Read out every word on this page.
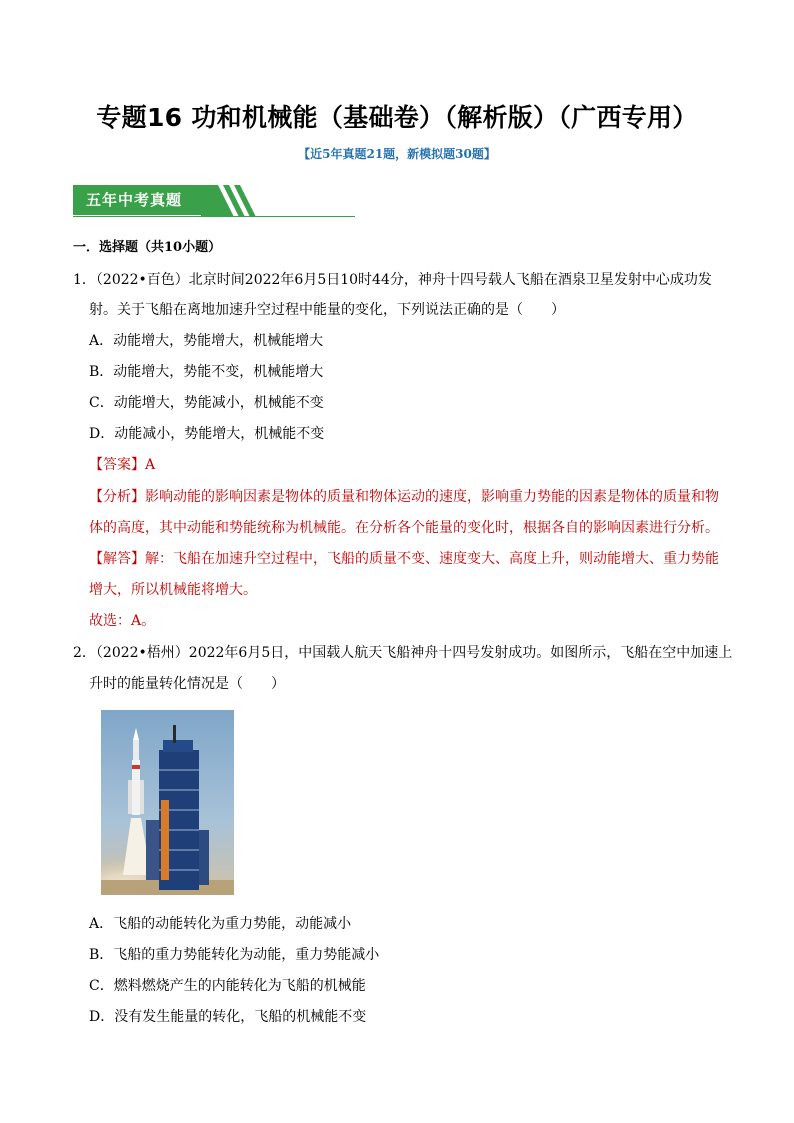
专题16 功和机械能（基础卷）（解析版）（广西专用）
【近5年真题21题，新模拟题30题】
五年中考真题
一．选择题（共10小题）
1．（2022•百色）北京时间2022年6月5日10时44分，神舟十四号载人飞船在酒泉卫星发射中心成功发
射。关于飞船在离地加速升空过程中能量的变化，下列说法正确的是（　　）
A．动能增大，势能增大，机械能增大
B．动能增大，势能不变，机械能增大
C．动能增大，势能减小，机械能不变
D．动能减小，势能增大，机械能不变
【答案】A
【分析】影响动能的影响因素是物体的质量和物体运动的速度，影响重力势能的因素是物体的质量和物
体的高度，其中动能和势能统称为机械能。在分析各个能量的变化时，根据各自的影响因素进行分析。
【解答】解：飞船在加速升空过程中，飞船的质量不变、速度变大、高度上升，则动能增大、重力势能
增大，所以机械能将增大。
故选：A。
2．（2022•梧州）2022年6月5日，中国载人航天飞船神舟十四号发射成功。如图所示，飞船在空中加速上
升时的能量转化情况是（　　）
A．飞船的动能转化为重力势能，动能减小
B．飞船的重力势能转化为动能，重力势能减小
C．燃料燃烧产生的内能转化为飞船的机械能
D．没有发生能量的转化，飞船的机械能不变
